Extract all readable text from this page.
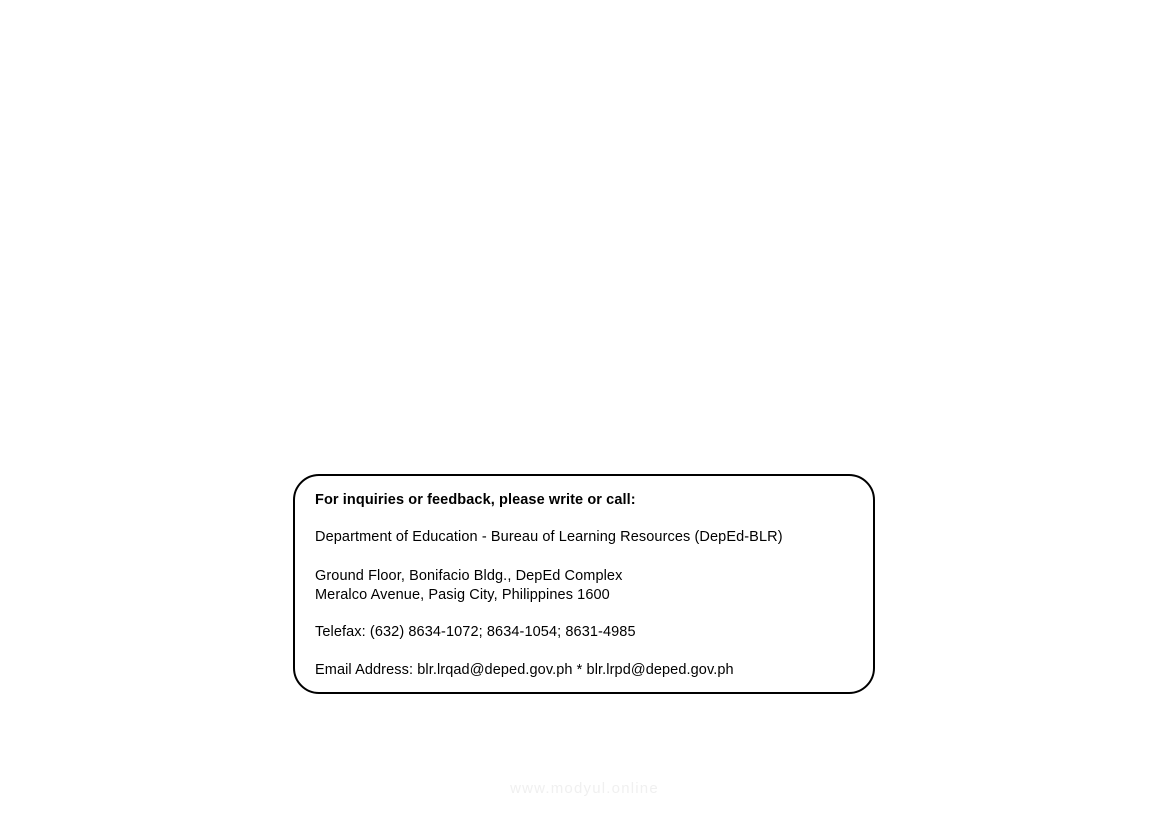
For inquiries or feedback, please write or call:

Department of Education - Bureau of Learning Resources (DepEd-BLR)

Ground Floor, Bonifacio Bldg., DepEd Complex
Meralco Avenue, Pasig City, Philippines 1600

Telefax: (632) 8634-1072; 8634-1054; 8631-4985

Email Address: blr.lrqad@deped.gov.ph * blr.lrpd@deped.gov.ph

www.modyul.online
